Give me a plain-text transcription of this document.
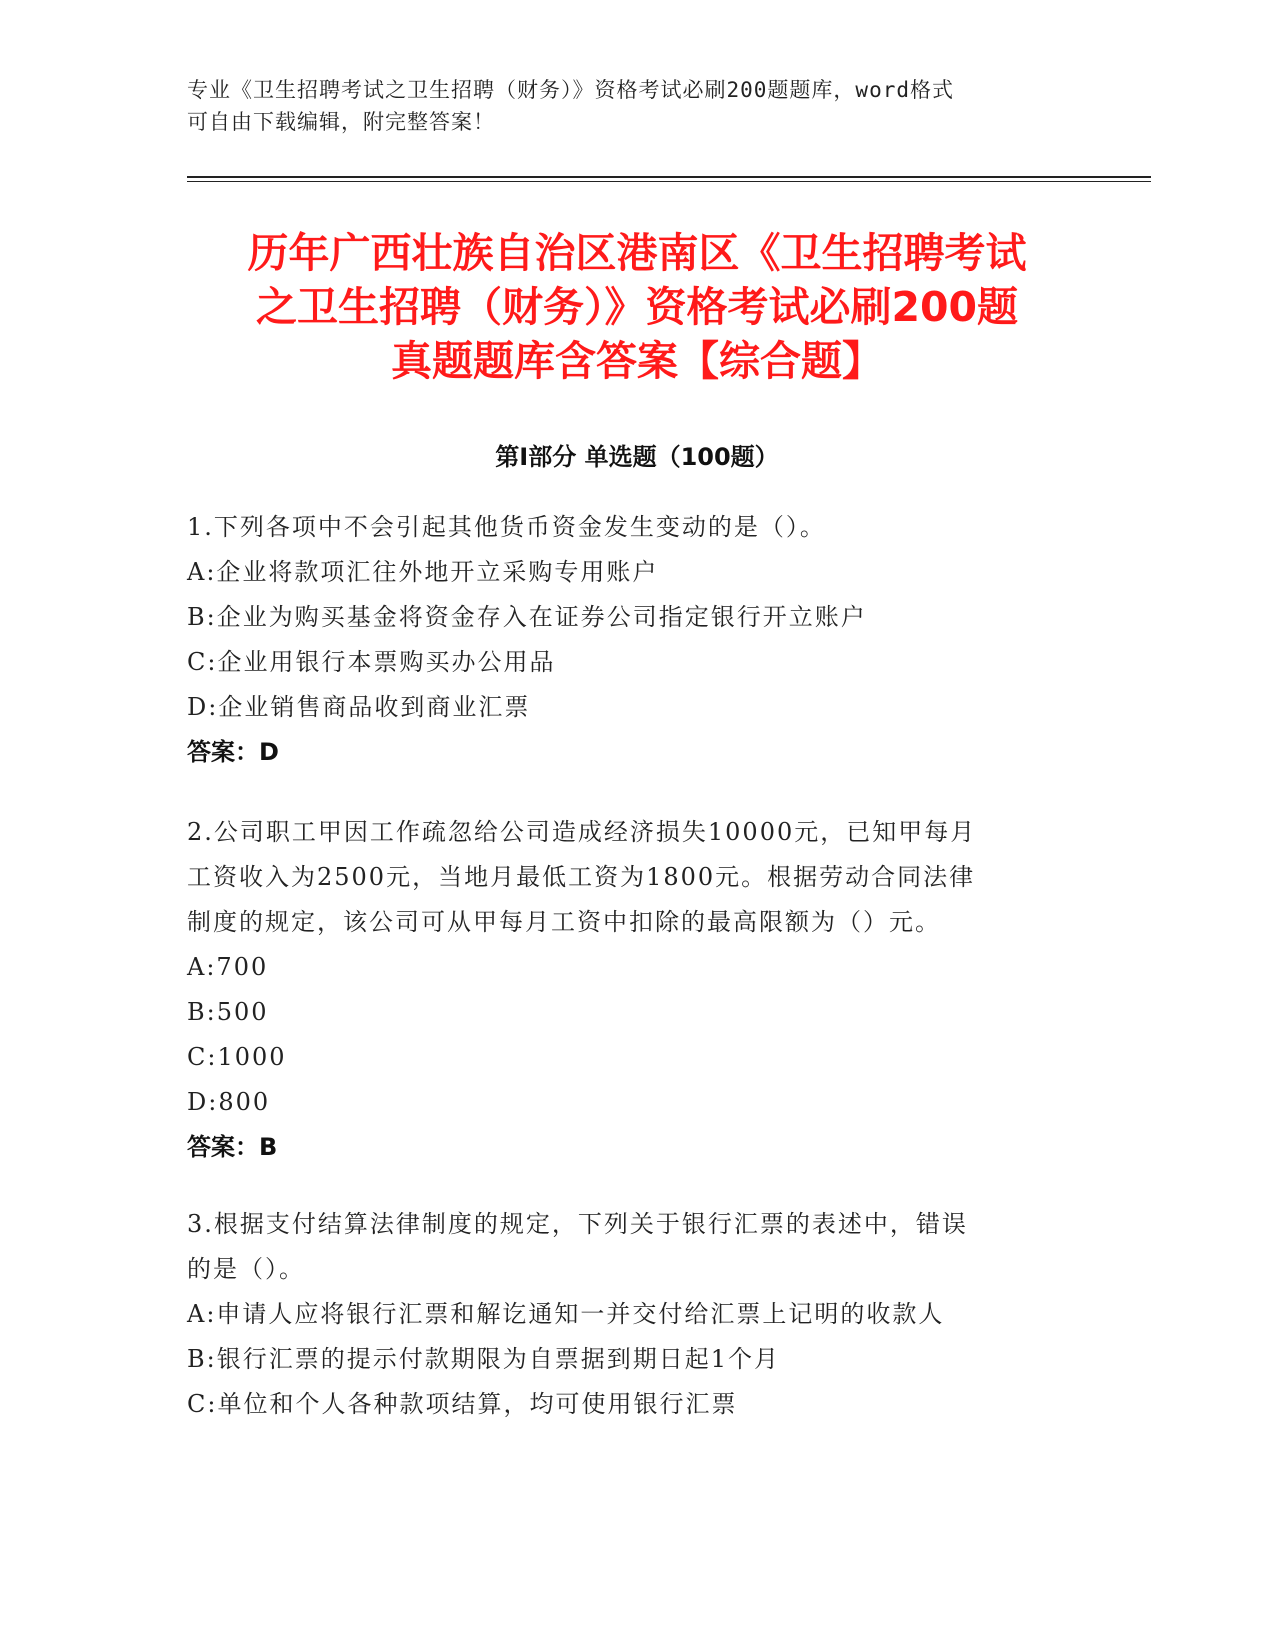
专业《卫生招聘考试之卫生招聘（财务）》资格考试必刷200题题库，word格式
可自由下载编辑，附完整答案！
历年广西壮族自治区港南区《卫生招聘考试
之卫生招聘（财务）》资格考试必刷200题
真题题库含答案【综合题】
第Ⅰ部分 单选题（100题）
1.下列各项中不会引起其他货币资金发生变动的是（）。
A:企业将款项汇往外地开立采购专用账户
B:企业为购买基金将资金存入在证券公司指定银行开立账户
C:企业用银行本票购买办公用品
D:企业销售商品收到商业汇票
答案：D
2.公司职工甲因工作疏忽给公司造成经济损失10000元，已知甲每月
工资收入为2500元，当地月最低工资为1800元。根据劳动合同法律
制度的规定，该公司可从甲每月工资中扣除的最高限额为（）元。
A:700
B:500
C:1000
D:800
答案：B
3.根据支付结算法律制度的规定，下列关于银行汇票的表述中，错误
的是（）。
A:申请人应将银行汇票和解讫通知一并交付给汇票上记明的收款人
B:银行汇票的提示付款期限为自票据到期日起1个月
C:单位和个人各种款项结算，均可使用银行汇票
